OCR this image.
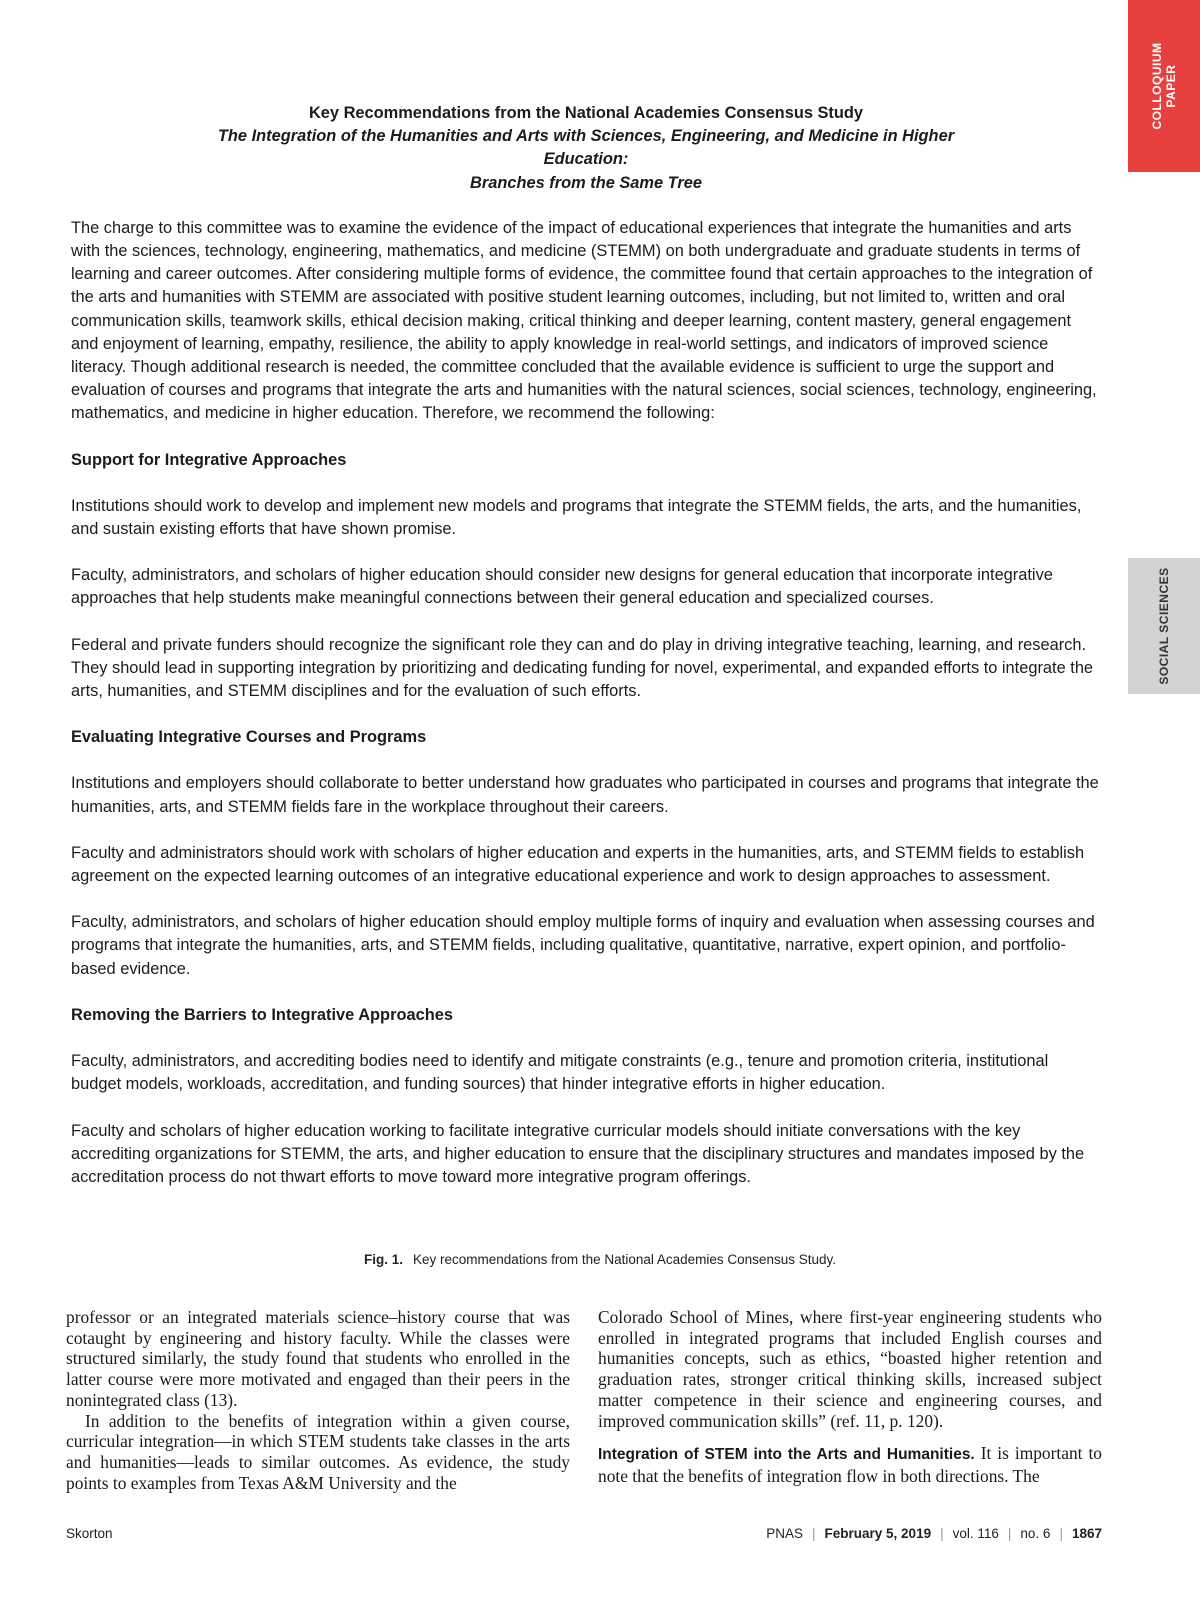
COLLOQUIUM
PAPER
SOCIAL SCIENCES
Key Recommendations from the National Academies Consensus Study
The Integration of the Humanities and Arts with Sciences, Engineering, and Medicine in Higher
Education:
Branches from the Same Tree

The charge to this committee was to examine the evidence of the impact of educational experiences that integrate the humanities and arts with the sciences, technology, engineering, mathematics, and medicine (STEMM) on both undergraduate and graduate students in terms of learning and career outcomes. After considering multiple forms of evidence, the committee found that certain approaches to the integration of the arts and humanities with STEMM are associated with positive student learning outcomes, including, but not limited to, written and oral communication skills, teamwork skills, ethical decision making, critical thinking and deeper learning, content mastery, general engagement and enjoyment of learning, empathy, resilience, the ability to apply knowledge in real-world settings, and indicators of improved science literacy. Though additional research is needed, the committee concluded that the available evidence is sufficient to urge the support and evaluation of courses and programs that integrate the arts and humanities with the natural sciences, social sciences, technology, engineering, mathematics, and medicine in higher education. Therefore, we recommend the following:

Support for Integrative Approaches

Institutions should work to develop and implement new models and programs that integrate the STEMM fields, the arts, and the humanities, and sustain existing efforts that have shown promise.

Faculty, administrators, and scholars of higher education should consider new designs for general education that incorporate integrative approaches that help students make meaningful connections between their general education and specialized courses.

Federal and private funders should recognize the significant role they can and do play in driving integrative teaching, learning, and research. They should lead in supporting integration by prioritizing and dedicating funding for novel, experimental, and expanded efforts to integrate the arts, humanities, and STEMM disciplines and for the evaluation of such efforts.

Evaluating Integrative Courses and Programs

Institutions and employers should collaborate to better understand how graduates who participated in courses and programs that integrate the humanities, arts, and STEMM fields fare in the workplace throughout their careers.

Faculty and administrators should work with scholars of higher education and experts in the humanities, arts, and STEMM fields to establish agreement on the expected learning outcomes of an integrative educational experience and work to design approaches to assessment.

Faculty, administrators, and scholars of higher education should employ multiple forms of inquiry and evaluation when assessing courses and programs that integrate the humanities, arts, and STEMM fields, including qualitative, quantitative, narrative, expert opinion, and portfolio-based evidence.

Removing the Barriers to Integrative Approaches

Faculty, administrators, and accrediting bodies need to identify and mitigate constraints (e.g., tenure and promotion criteria, institutional budget models, workloads, accreditation, and funding sources) that hinder integrative efforts in higher education.

Faculty and scholars of higher education working to facilitate integrative curricular models should initiate conversations with the key accrediting organizations for STEMM, the arts, and higher education to ensure that the disciplinary structures and mandates imposed by the accreditation process do not thwart efforts to move toward more integrative program offerings.

Fig. 1. Key recommendations from the National Academies Consensus Study.

professor or an integrated materials science–history course that was cotaught by engineering and history faculty. While the classes were structured similarly, the study found that students who enrolled in the latter course were more motivated and engaged than their peers in the nonintegrated class (13).

In addition to the benefits of integration within a given course, curricular integration—in which STEM students take classes in the arts and humanities—leads to similar outcomes. As evidence, the study points to examples from Texas A&M University and the

Colorado School of Mines, where first-year engineering students who enrolled in integrated programs that included English courses and humanities concepts, such as ethics, “boasted higher retention and graduation rates, stronger critical thinking skills, increased subject matter competence in their science and engineering courses, and improved communication skills” (ref. 11, p. 120).

Integration of STEM into the Arts and Humanities. It is important to note that the benefits of integration flow in both directions. The

Skorton	PNAS | February 5, 2019 | vol. 116 | no. 6 | 1867
